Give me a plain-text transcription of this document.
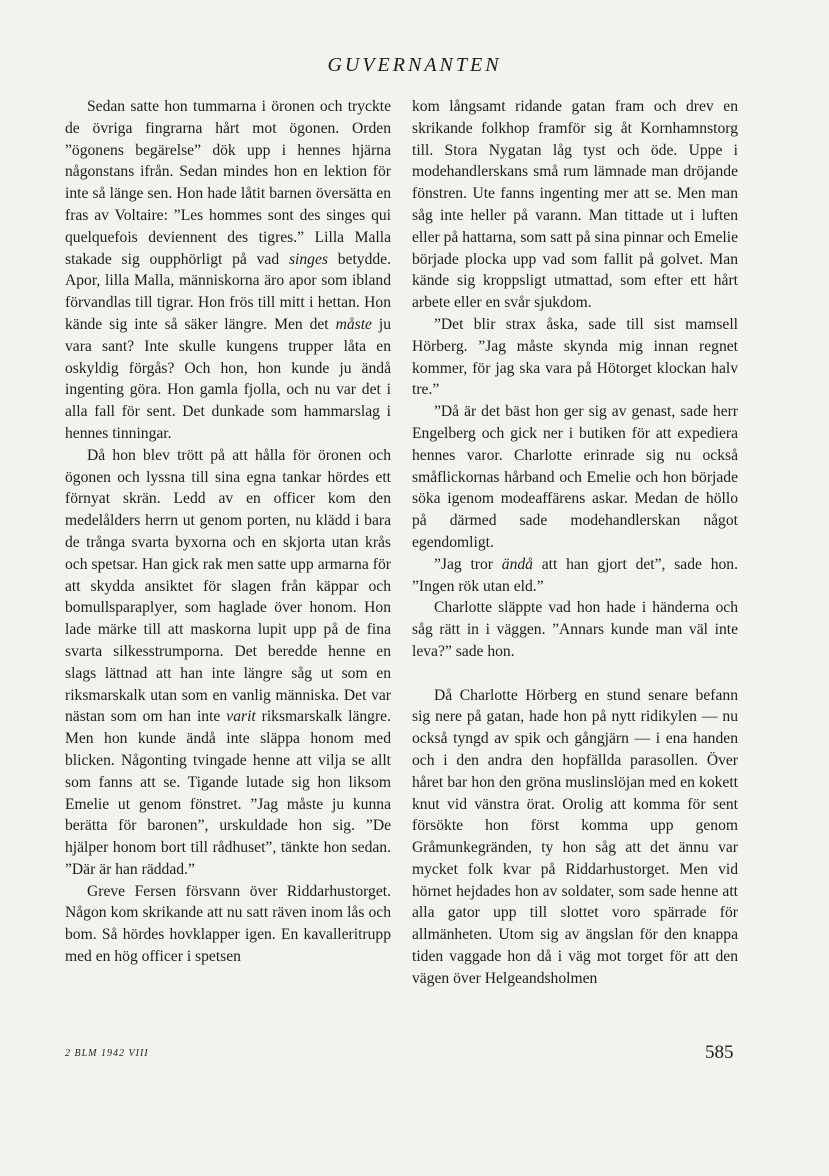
GUVERNANTEN

Sedan satte hon tummarna i öronen och tryckte de övriga fingrarna hårt mot ögonen. Orden ”ögonens begärelse” dök upp i hennes hjärna någonstans ifrån. Sedan mindes hon en lektion för inte så länge sen. Hon hade låtit barnen översätta en fras av Voltaire: ”Les hommes sont des singes qui quelquefois deviennent des tigres.” Lilla Malla stakade sig oupphörligt på vad singes betydde. Apor, lilla Malla, människorna äro apor som ibland förvandlas till tigrar. Hon frös till mitt i hettan. Hon kände sig inte så säker längre. Men det måste ju vara sant? Inte skulle kungens trupper låta en oskyldig förgås? Och hon, hon kunde ju ändå ingenting göra. Hon gamla fjolla, och nu var det i alla fall för sent. Det dunkade som hammarslag i hennes tinningar.

Då hon blev trött på att hålla för öronen och ögonen och lyssna till sina egna tankar hördes ett förnyat skrän. Ledd av en officer kom den medelålders herrn ut genom porten, nu klädd i bara de trånga svarta byxorna och en skjorta utan krås och spetsar. Han gick rak men satte upp armarna för att skydda ansiktet för slagen från käppar och bomullsparaplyer, som haglade över honom. Hon lade märke till att maskorna lupit upp på de fina svarta silkesstrumporna. Det beredde henne en slags lättnad att han inte längre såg ut som en riksmarskalk utan som en vanlig människa. Det var nästan som om han inte varit riksmarskalk längre. Men hon kunde ändå inte släppa honom med blicken. Någonting tvingade henne att vilja se allt som fanns att se. Tigande lutade sig hon liksom Emelie ut genom fönstret. ”Jag måste ju kunna berätta för baronen”, urskuldade hon sig. ”De hjälper honom bort till rådhuset”, tänkte hon sedan. ”Där är han räddad.”

Greve Fersen försvann över Riddarhustorget. Någon kom skrikande att nu satt räven inom lås och bom. Så hördes hovklapper igen. En kavalleritrupp med en hög officer i spetsen

kom långsamt ridande gatan fram och drev en skrikande folkhop framför sig åt Kornhamnstorg till. Stora Nygatan låg tyst och öde. Uppe i modehandlerskans små rum lämnade man dröjande fönstren. Ute fanns ingenting mer att se. Men man såg inte heller på varann. Man tittade ut i luften eller på hattarna, som satt på sina pinnar och Emelie började plocka upp vad som fallit på golvet. Man kände sig kroppsligt utmattad, som efter ett hårt arbete eller en svår sjukdom.

”Det blir strax åska, sade till sist mamsell Hörberg. ”Jag måste skynda mig innan regnet kommer, för jag ska vara på Hötorget klockan halv tre.”

”Då är det bäst hon ger sig av genast, sade herr Engelberg och gick ner i butiken för att expediera hennes varor. Charlotte erinrade sig nu också småflickornas hårband och Emelie och hon började söka igenom modeaffärens askar. Medan de höllo på därmed sade modehandlerskan något egendomligt.

”Jag tror ändå att han gjort det”, sade hon. ”Ingen rök utan eld.”

Charlotte släppte vad hon hade i händerna och såg rätt in i väggen. ”Annars kunde man väl inte leva?” sade hon.

Då Charlotte Hörberg en stund senare befann sig nere på gatan, hade hon på nytt ridikylen — nu också tyngd av spik och gångjärn — i ena handen och i den andra den hopfällda parasollen. Över håret bar hon den gröna muslinslöjan med en kokett knut vid vänstra örat. Orolig att komma för sent försökte hon först komma upp genom Gråmunkegränden, ty hon såg att det ännu var mycket folk kvar på Riddarhustorget. Men vid hörnet hejdades hon av soldater, som sade henne att alla gator upp till slottet voro spärrade för allmänheten. Utom sig av ängslan för den knappa tiden vaggade hon då i väg mot torget för att den vägen över Helgeandsholmen

2 BLM 1942 VIII	585
